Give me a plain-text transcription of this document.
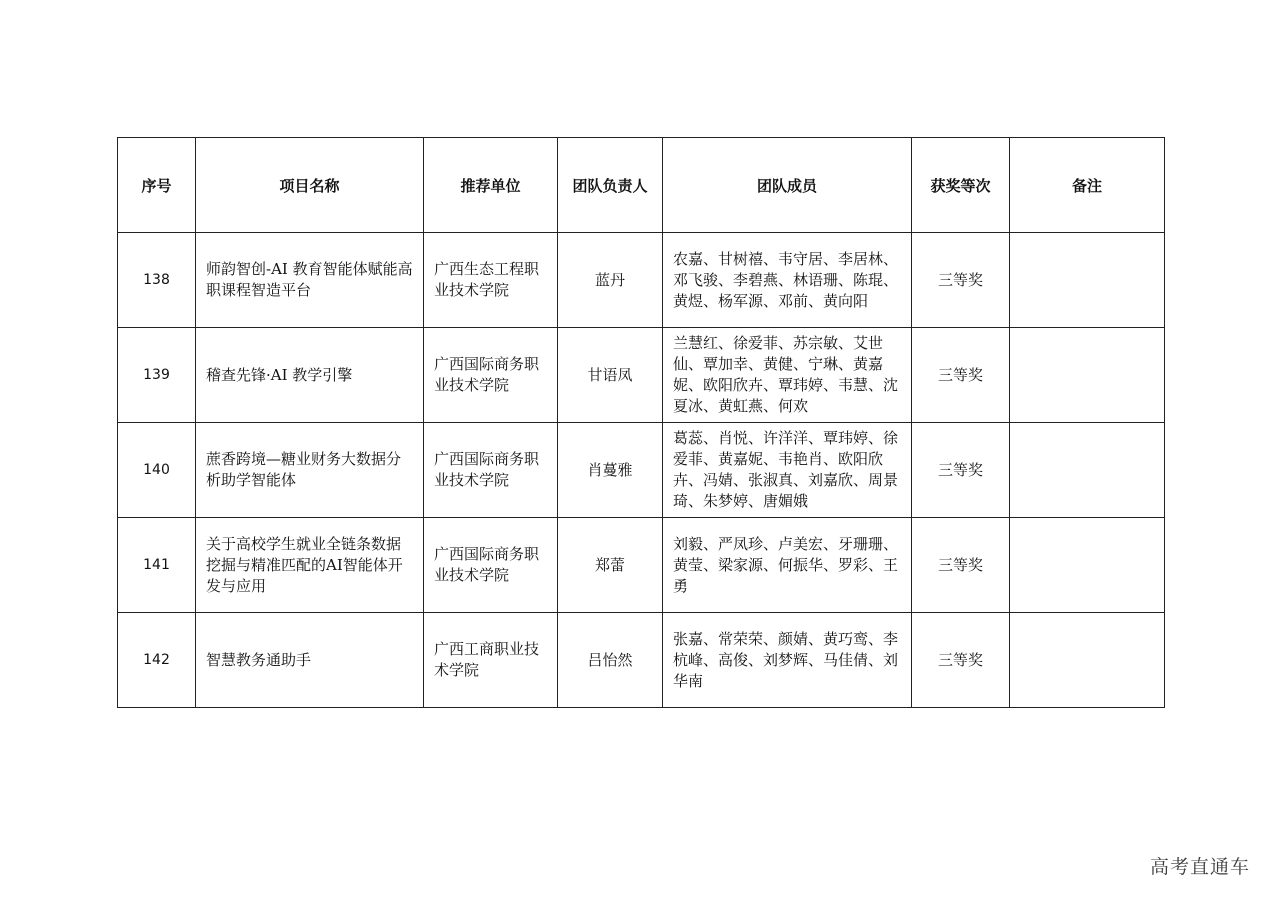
序号	项目名称	推荐单位	团队负责人	团队成员	获奖等次	备注
138	师韵智创-AI 教育智能体赋能高职课程智造平台	广西生态工程职业技术学院	蓝丹	农嘉、甘树禧、韦守居、李居林、邓飞骏、李碧燕、林语珊、陈琨、黄煜、杨军源、邓前、黄向阳	三等奖	
139	稽查先锋·AI 教学引擎	广西国际商务职业技术学院	甘语凤	兰慧红、徐爱菲、苏宗敏、艾世仙、覃加幸、黄健、宁琳、黄嘉妮、欧阳欣卉、覃玮婷、韦慧、沈夏冰、黄虹燕、何欢	三等奖	
140	蔗香跨境—糖业财务大数据分析助学智能体	广西国际商务职业技术学院	肖蔓雅	葛蕊、肖悦、许洋洋、覃玮婷、徐爱菲、黄嘉妮、韦艳肖、欧阳欣卉、冯婧、张淑真、刘嘉欣、周景琦、朱梦婷、唐媚娥	三等奖	
141	关于高校学生就业全链条数据挖掘与精准匹配的AI智能体开发与应用	广西国际商务职业技术学院	郑蕾	刘毅、严凤珍、卢美宏、牙珊珊、黄莹、梁家源、何振华、罗彩、王勇	三等奖	
142	智慧教务通助手	广西工商职业技术学院	吕怡然	张嘉、常荣荣、颜婧、黄巧鸾、李杭峰、高俊、刘梦辉、马佳倩、刘华南	三等奖	
高考直通车
